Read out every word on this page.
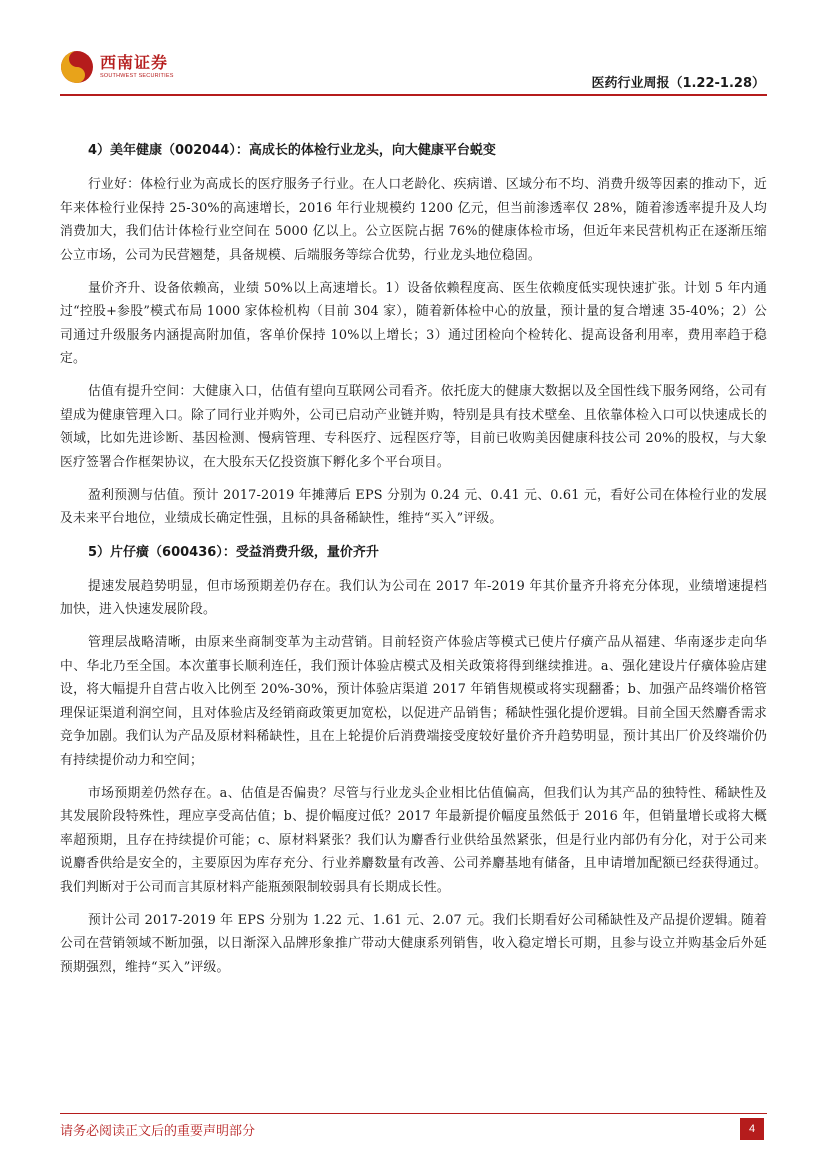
西南证券
SOUTHWEST SECURITIES	医药行业周报（1.22-1.28）
4）美年健康（002044）：高成长的体检行业龙头，向大健康平台蜕变

行业好：体检行业为高成长的医疗服务子行业。在人口老龄化、疾病谱、区域分布不均、消费升级等因素的推动下，近年来体检行业保持 25-30%的高速增长，2016 年行业规模约 1200 亿元，但当前渗透率仅 28%，随着渗透率提升及人均消费加大，我们估计体检行业空间在 5000 亿以上。公立医院占据 76%的健康体检市场，但近年来民营机构正在逐渐压缩公立市场，公司为民营翘楚，具备规模、后端服务等综合优势，行业龙头地位稳固。

量价齐升、设备依赖高，业绩 50%以上高速增长。1）设备依赖程度高、医生依赖度低实现快速扩张。计划 5 年内通过“控股+参股”模式布局 1000 家体检机构（目前 304 家），随着新体检中心的放量，预计量的复合增速 35-40%；2）公司通过升级服务内涵提高附加值，客单价保持 10%以上增长；3）通过团检向个检转化、提高设备利用率，费用率趋于稳定。

估值有提升空间：大健康入口，估值有望向互联网公司看齐。依托庞大的健康大数据以及全国性线下服务网络，公司有望成为健康管理入口。除了同行业并购外，公司已启动产业链并购，特别是具有技术壁垒、且依靠体检入口可以快速成长的领域，比如先进诊断、基因检测、慢病管理、专科医疗、远程医疗等，目前已收购美因健康科技公司 20%的股权，与大象医疗签署合作框架协议，在大股东天亿投资旗下孵化多个平台项目。

盈利预测与估值。预计 2017-2019 年摊薄后 EPS 分别为 0.24 元、0.41 元、0.61 元，看好公司在体检行业的发展及未来平台地位，业绩成长确定性强，且标的具备稀缺性，维持“买入”评级。

5）片仔癀（600436）：受益消费升级，量价齐升

提速发展趋势明显，但市场预期差仍存在。我们认为公司在 2017 年-2019 年其价量齐升将充分体现，业绩增速提档加快，进入快速发展阶段。

管理层战略清晰，由原来坐商制变革为主动营销。目前轻资产体验店等模式已使片仔癀产品从福建、华南逐步走向华中、华北乃至全国。本次董事长顺利连任，我们预计体验店模式及相关政策将得到继续推进。a、强化建设片仔癀体验店建设，将大幅提升自营占收入比例至 20%-30%，预计体验店渠道 2017 年销售规模或将实现翻番；b、加强产品终端价格管理保证渠道利润空间，且对体验店及经销商政策更加宽松，以促进产品销售；稀缺性强化提价逻辑。目前全国天然麝香需求竞争加剧。我们认为产品及原材料稀缺性，且在上轮提价后消费端接受度较好量价齐升趋势明显，预计其出厂价及终端价仍有持续提价动力和空间；

市场预期差仍然存在。a、估值是否偏贵？尽管与行业龙头企业相比估值偏高，但我们认为其产品的独特性、稀缺性及其发展阶段特殊性，理应享受高估值；b、提价幅度过低？2017 年最新提价幅度虽然低于 2016 年，但销量增长或将大概率超预期，且存在持续提价可能；c、原材料紧张？我们认为麝香行业供给虽然紧张，但是行业内部仍有分化，对于公司来说麝香供给是安全的，主要原因为库存充分、行业养麝数量有改善、公司养麝基地有储备，且申请增加配额已经获得通过。我们判断对于公司而言其原材料产能瓶颈限制较弱具有长期成长性。

预计公司 2017-2019 年 EPS 分别为 1.22 元、1.61 元、2.07 元。我们长期看好公司稀缺性及产品提价逻辑。随着公司在营销领域不断加强，以日渐深入品牌形象推广带动大健康系列销售，收入稳定增长可期，且参与设立并购基金后外延预期强烈，维持“买入”评级。

请务必阅读正文后的重要声明部分	4
